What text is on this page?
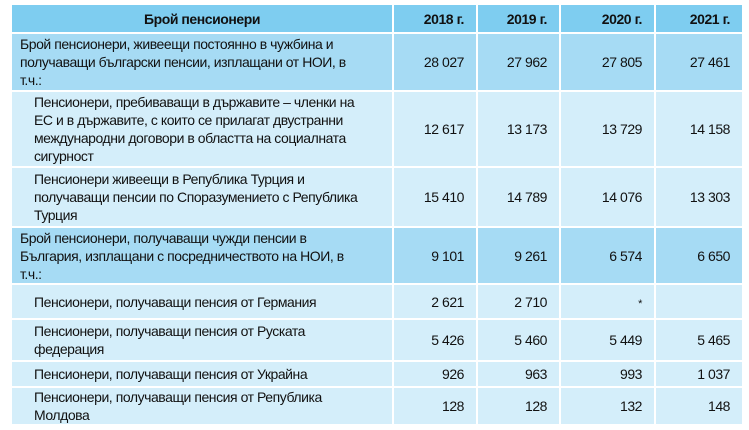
Брой пенсионери	2018 г.	2019 г.	2020 г.	2021 г.
Брой пенсионери, живеещи постоянно в чужбина и
получаващи български пенсии, изплащани от НОИ, в
т.ч.:	28 027	27 962	27 805	27 461
Пенсионери, пребиваващи в държавите – членки на
ЕС и в държавите, с които се прилагат двустранни
международни договори в областта на социалната
сигурност	12 617	13 173	13 729	14 158
Пенсионери живеещи в Република Турция и
получаващи пенсии по Споразумението с Република
Турция	15 410	14 789	14 076	13 303
Брой пенсионери, получаващи чужди пенсии в
България, изплащани с посредничеството на НОИ, в
т.ч.:	9 101	9 261	6 574	6 650
Пенсионери, получаващи пенсия от Германия	2 621	2 710	*	
Пенсионери, получаващи пенсия от Руската
федерация	5 426	5 460	5 449	5 465
Пенсионери, получаващи пенсия от Украйна	926	963	993	1 037
Пенсионери, получаващи пенсия от Република
Молдова	128	128	132	148
